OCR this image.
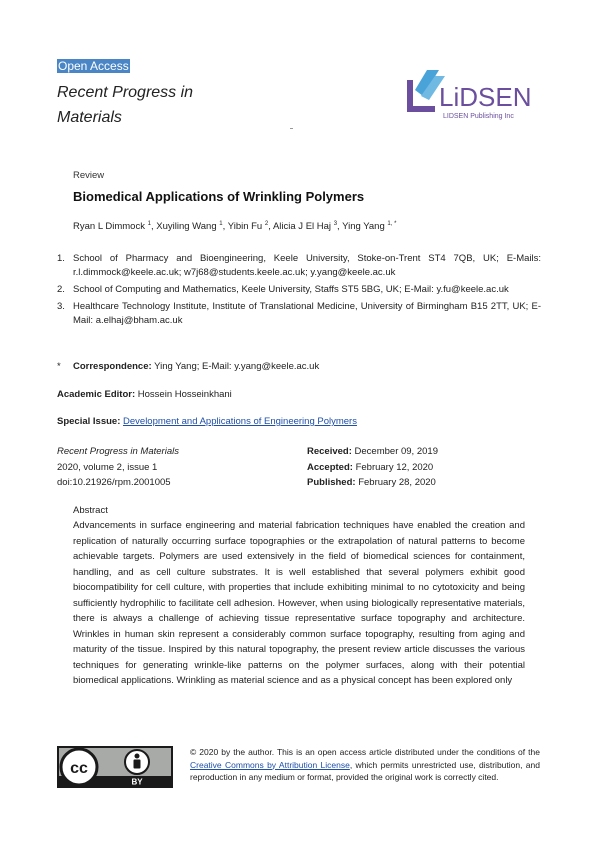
Open Access
Recent Progress in
Materials
LiDSEN
LIDSEN Publishing Inc
Review
Biomedical Applications of Wrinkling Polymers
Ryan L Dimmock $^1$, Xuyiling Wang $^1$, Yibin Fu $^2$, Alicia J El Haj $^3$, Ying Yang $^{1, *}$
1. School of Pharmacy and Bioengineering, Keele University, Stoke-on-Trent ST4 7QB, UK; E-Mails: r.l.dimmock@keele.ac.uk; w7j68@students.keele.ac.uk; y.yang@keele.ac.uk
2. School of Computing and Mathematics, Keele University, Staffs ST5 5BG, UK; E-Mail: y.fu@keele.ac.uk
3. Healthcare Technology Institute, Institute of Translational Medicine, University of Birmingham B15 2TT, UK; E-Mail: a.elhaj@bham.ac.uk
* Correspondence: Ying Yang; E-Mail: y.yang@keele.ac.uk
Academic Editor: Hossein Hosseinkhani
Special Issue: Development and Applications of Engineering Polymers
Recent Progress in Materials
2020, volume 2, issue 1
doi:10.21926/rpm.2001005
Received: December 09, 2019
Accepted: February 12, 2020
Published: February 28, 2020
Abstract
Advancements in surface engineering and material fabrication techniques have enabled the creation and replication of naturally occurring surface topographies or the extrapolation of natural patterns to become achievable targets. Polymers are used extensively in the field of biomedical sciences for containment, handling, and as cell culture substrates. It is well established that several polymers exhibit good biocompatibility for cell culture, with properties that include exhibiting minimal to no cytotoxicity and being sufficiently hydrophilic to facilitate cell adhesion. However, when using biologically representative materials, there is always a challenge of achieving tissue representative surface topography and architecture. Wrinkles in human skin represent a considerably common surface topography, resulting from aging and maturity of the tissue. Inspired by this natural topography, the present review article discusses the various techniques for generating wrinkle-like patterns on the polymer surfaces, along with their potential biomedical applications. Wrinkling as material science and as a physical concept has been explored only
cc
BY
© 2020 by the author. This is an open access article distributed under the conditions of the Creative Commons by Attribution License, which permits unrestricted use, distribution, and reproduction in any medium or format, provided the original work is correctly cited.
